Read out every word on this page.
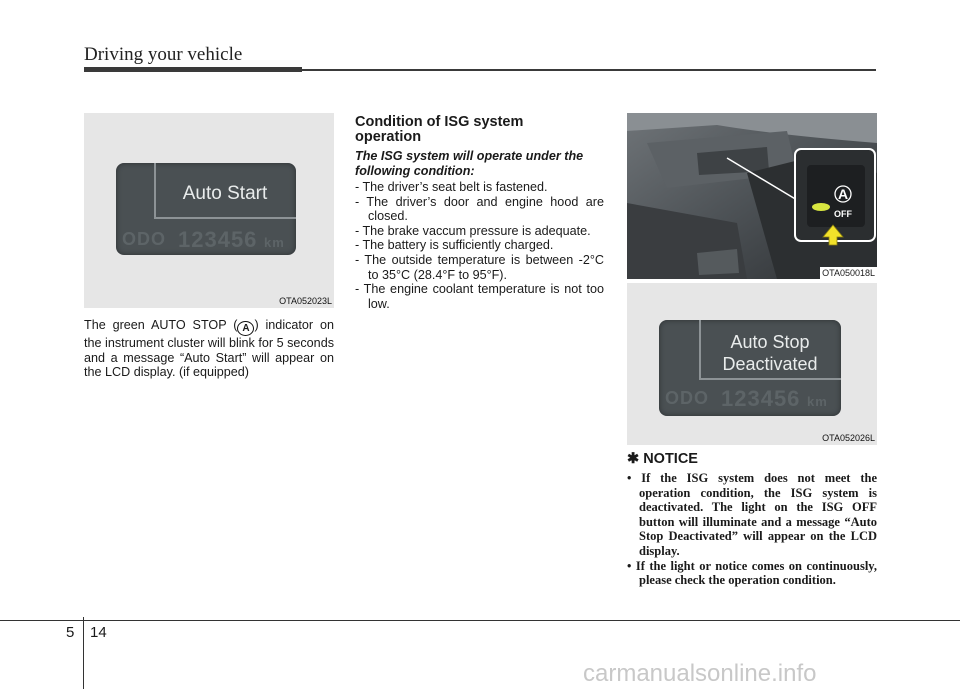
Driving your vehicle
Auto Start
ODO 123456 km
OTA052023L
The green AUTO STOP ( A ) indicator on the instrument cluster will blink for 5 seconds and a message “Auto Start” will appear on the LCD display. (if equipped)
Condition of ISG system operation
The ISG system will operate under the following condition:
- The driver’s seat belt is fastened.
- The driver’s door and engine hood are closed.
- The brake vaccum pressure is adequate.
- The battery is sufficiently charged.
- The outside temperature is between -2°C to 35°C (28.4°F to 95°F).
- The engine coolant temperature is not too low.
A
OFF
OTA050018L
Auto Stop
Deactivated
ODO 123456 km
OTA052026L
✱ NOTICE
• If the ISG system does not meet the operation condition, the ISG system is deactivated. The light on the ISG OFF button will illuminate and a message “Auto Stop Deactivated” will appear on the LCD display.
• If the light or notice comes on continuously, please check the operation condition.
5 14
carmanualsonline.info
